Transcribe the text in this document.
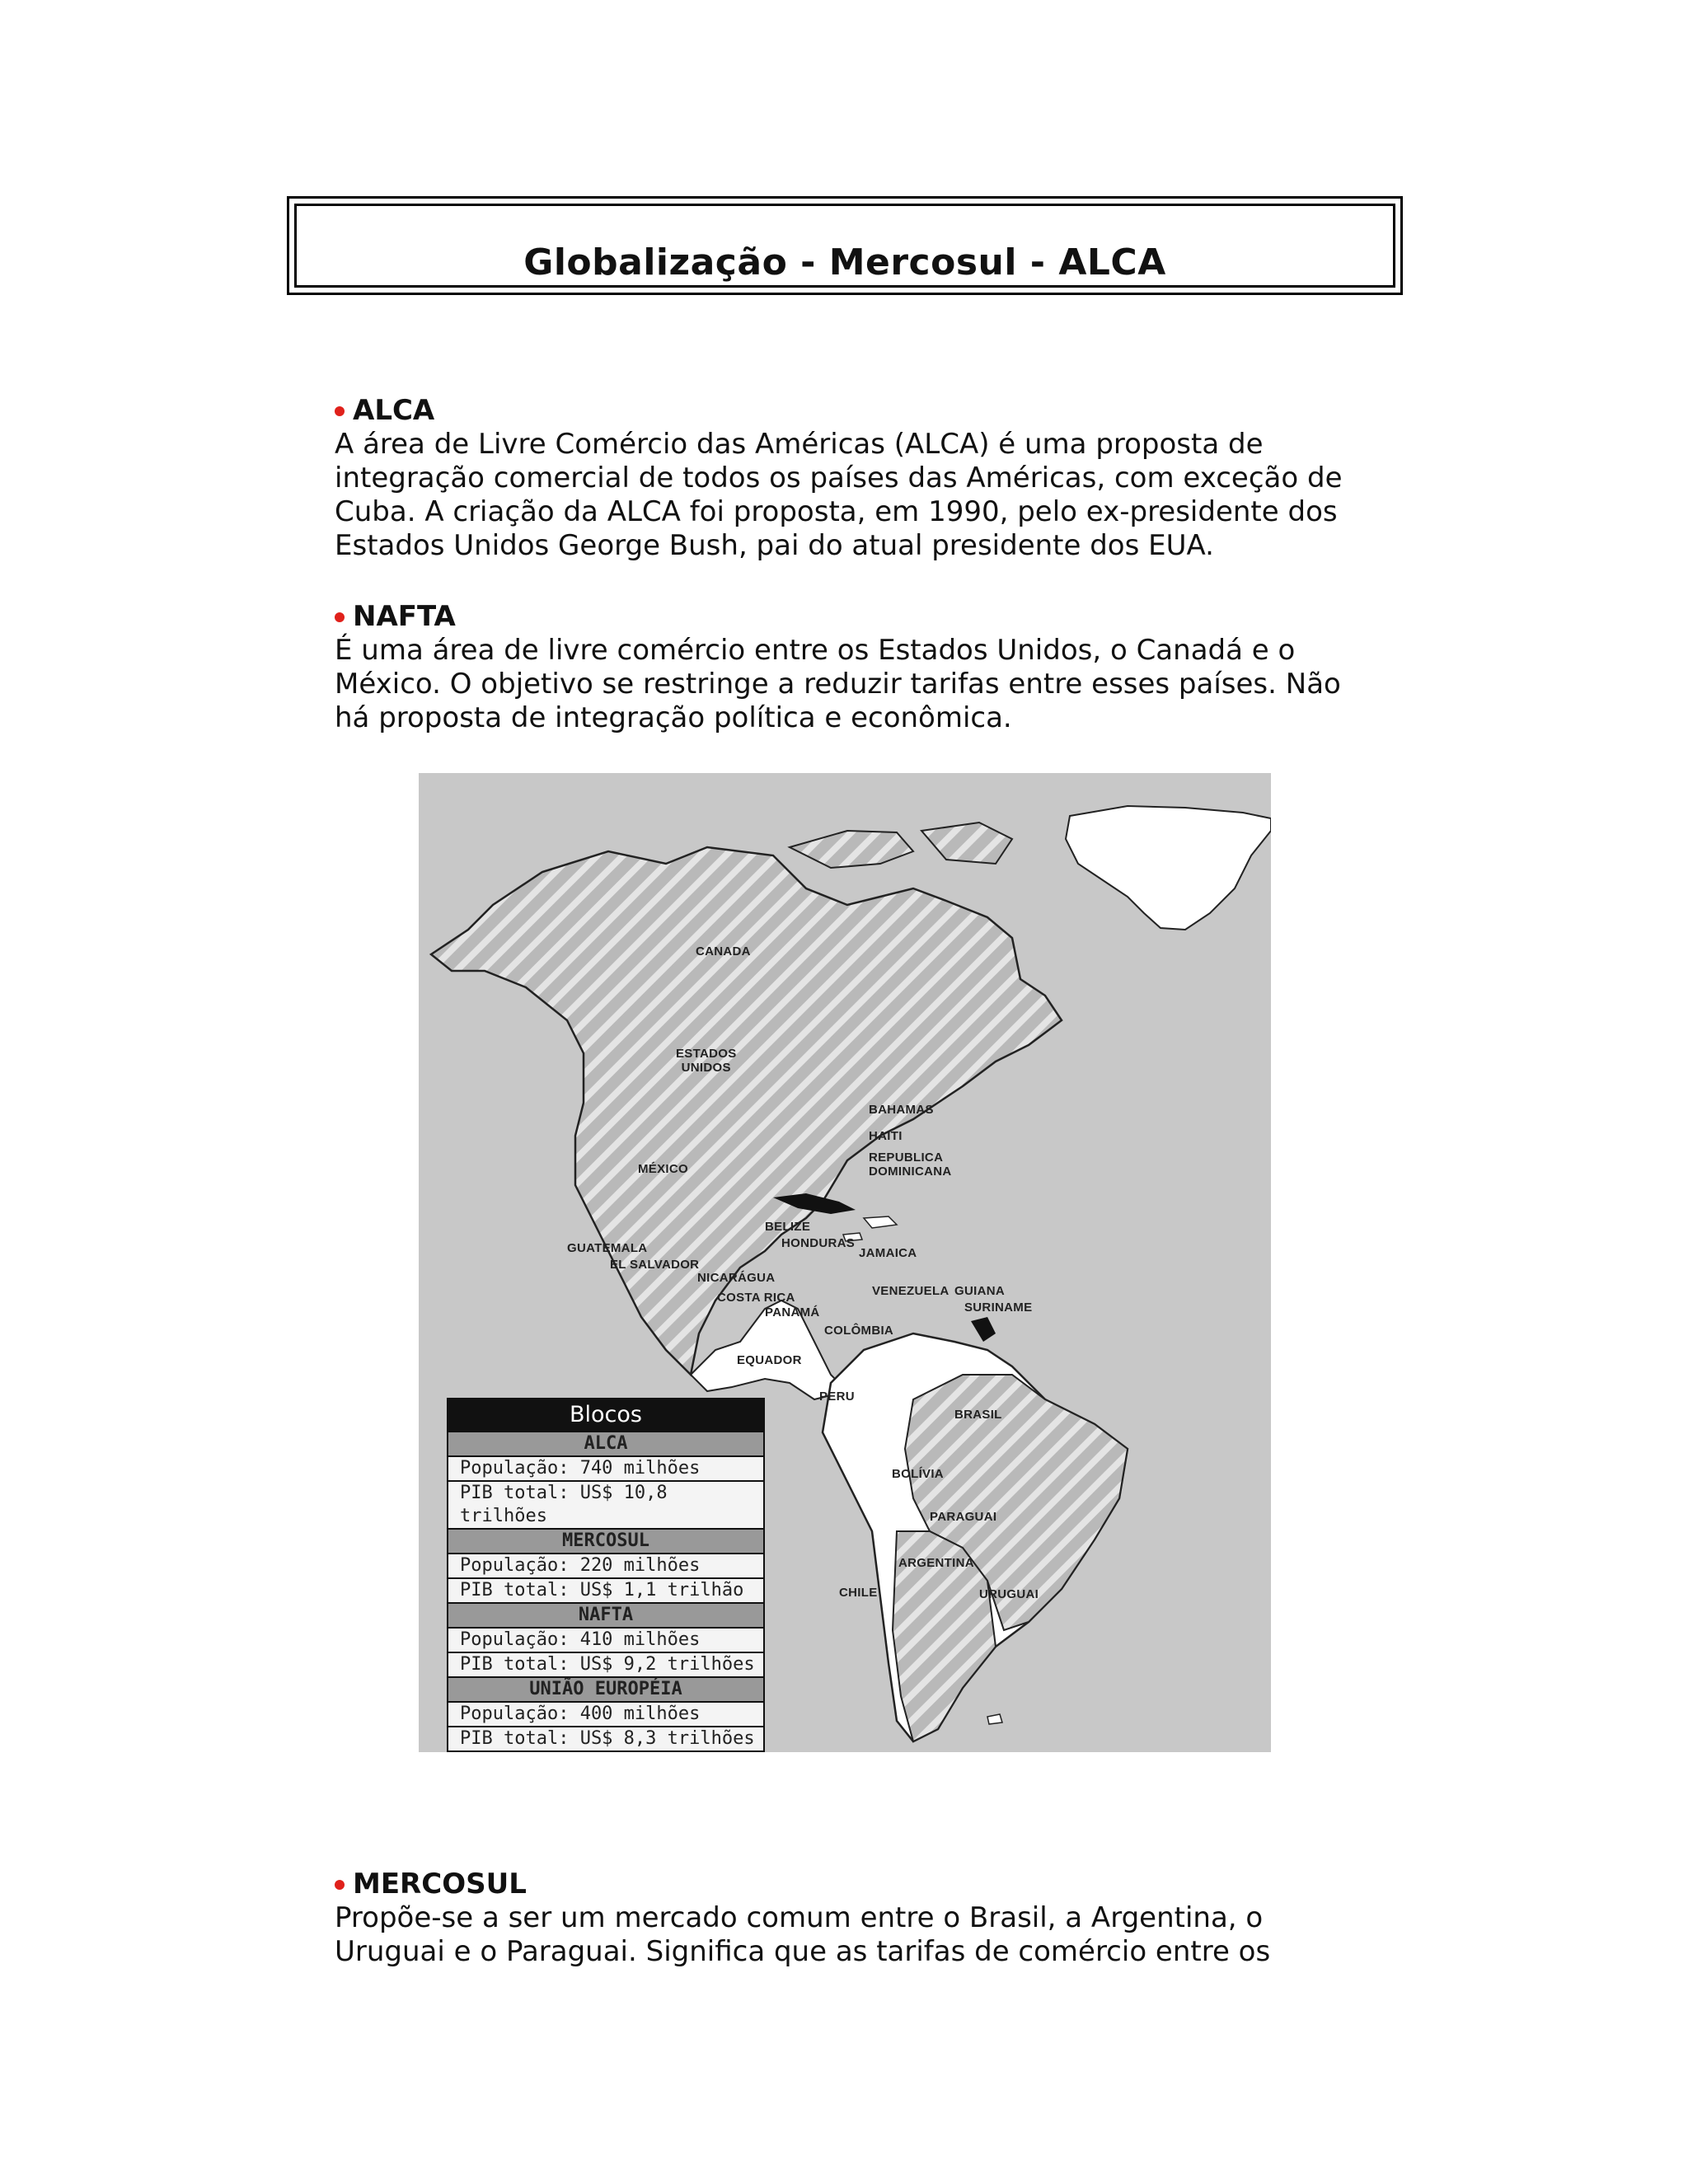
Globalização - Mercosul - ALCA
ALCA
A área de Livre Comércio das Américas (ALCA) é uma proposta de
integração comercial de todos os países das Américas, com exceção de
Cuba. A criação da ALCA foi proposta, em 1990, pelo ex-presidente dos
Estados Unidos George Bush, pai do atual presidente dos EUA.
NAFTA
É uma área de livre comércio entre os Estados Unidos, o Canadá e o
México. O objetivo se restringe a reduzir tarifas entre esses países. Não
há proposta de integração política e econômica.
CANADA
ESTADOS
UNIDOS
MÉXICO
BAHAMAS
HAITI
REPUBLICA
DOMINICANA
GUATEMALA
EL SALVADOR
BELIZE
HONDURAS
JAMAICA
NICARÁGUA
COSTA RICA
PANAMÁ
VENEZUELA GUIANA
SURINAME
COLÔMBIA
EQUADOR
PERU
BRASIL
BOLÍVIA
PARAGUAI
ARGENTINA
CHILE	URUGUAI
Blocos
ALCA
População: 740 milhões
PIB total: US$ 10,8 trilhões
MERCOSUL
População: 220 milhões
PIB total: US$ 1,1 trilhão
NAFTA
População: 410 milhões
PIB total: US$ 9,2 trilhões
UNIÃO EUROPÉIA
População: 400 milhões
PIB total: US$ 8,3 trilhões
MERCOSUL
Propõe-se a ser um mercado comum entre o Brasil, a Argentina, o
Uruguai e o Paraguai. Significa que as tarifas de comércio entre os
